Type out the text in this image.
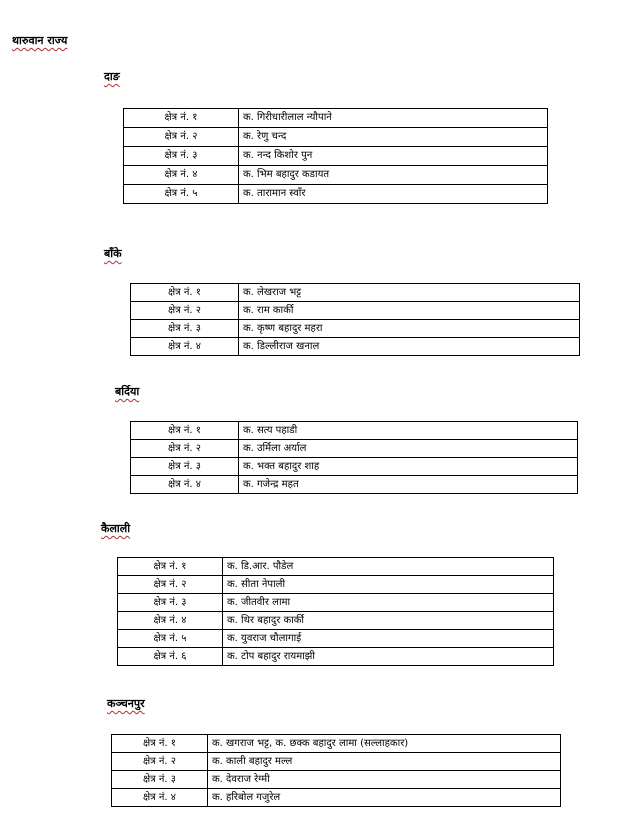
थारुवान राज्य
दाङ
क्षेत्र नं. १	क. गिरीधारीलाल न्यौपाने
क्षेत्र नं. २	क. रेणु चन्द
क्षेत्र नं. ३	क. नन्द किशोर पुन
क्षेत्र नं. ४	क. भिम बहादुर कडायत
क्षेत्र नं. ५	क. तारामान स्वाँर
बाँके
क्षेत्र नं. १	क. लेखराज भट्ट
क्षेत्र नं. २	क. राम कार्की
क्षेत्र नं. ३	क. कृष्ण बहादुर महरा
क्षेत्र नं. ४	क. डिल्लीराज खनाल
बर्दिया
क्षेत्र नं. १	क. सत्य पहाडी
क्षेत्र नं. २	क. उर्मिला अर्याल
क्षेत्र नं. ३	क. भक्त बहादुर शाह
क्षेत्र नं. ४	क. गजेन्द्र महत
कैलाली
क्षेत्र नं. १	क. डि.आर. पौडेल
क्षेत्र नं. २	क. सीता नेपाली
क्षेत्र नं. ३	क. जीतवीर लामा
क्षेत्र नं. ४	क. थिर बहादुर कार्की
क्षेत्र नं. ५	क. युवराज चौलागाई
क्षेत्र नं. ६	क. टोप बहादुर रायमाझी
कञ्चनपुर
क्षेत्र नं. १	क. खगराज भट्ट, क. छक्क बहादुर लामा (सल्लाहकार)
क्षेत्र नं. २	क. काली बहादुर मल्ल
क्षेत्र नं. ३	क. देवराज रेग्मी
क्षेत्र नं. ४	क. हरिबोल गजुरेल
